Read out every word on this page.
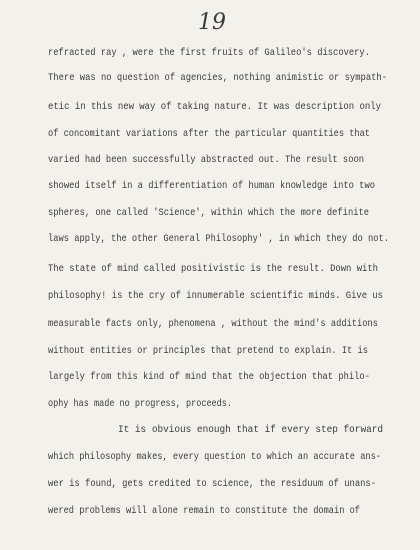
19
refracted ray , were the first fruits of Galileo's discovery.
There was no question of agencies, nothing animistic or sympath-
etic in this new way of taking nature. It was description only
of concomitant variations after the particular quantities that
varied had been successfully abstracted out. The result soon
showed itself in a differentiation of human knowledge into two
spheres, one called 'Science', within which the more definite
laws apply, the other General Philosophy' , in which they do not.
The state of mind called positivistic is the result. Down with
philosophy! is the cry of innumerable scientific minds. Give us
measurable facts only, phenomena , without the mind's additions
without entities or principles that pretend to explain. It is
largely from this kind of mind that the objection that philo-
ophy has made no progress, proceeds.
It is obvious enough that if every step forward
which philosophy makes, every question to which an accurate ans-
wer is found, gets credited to science, the residuum of unans-
wered problems will alone remain to constitute the domain of
